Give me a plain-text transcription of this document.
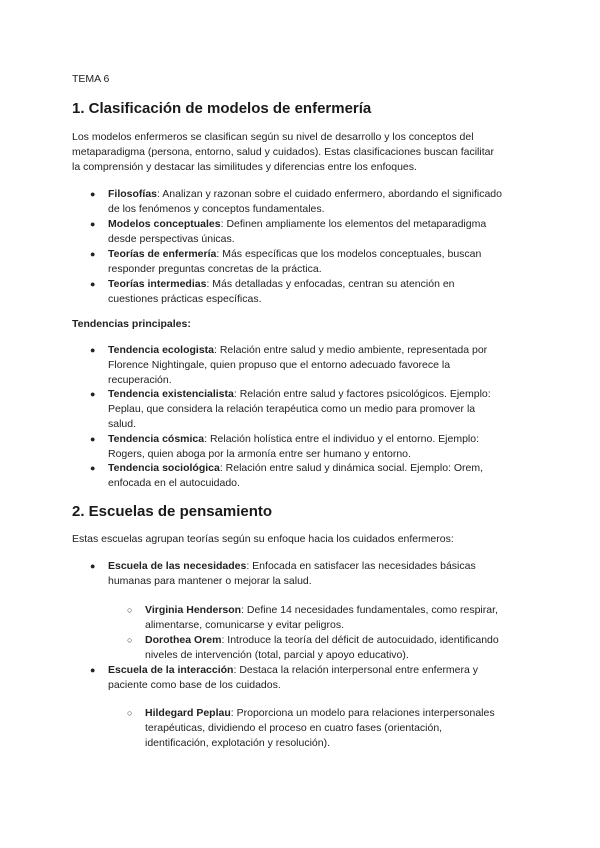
TEMA 6
1. Clasificación de modelos de enfermería
Los modelos enfermeros se clasifican según su nivel de desarrollo y los conceptos del
metaparadigma (persona, entorno, salud y cuidados). Estas clasificaciones buscan facilitar
la comprensión y destacar las similitudes y diferencias entre los enfoques.
● Filosofías: Analizan y razonan sobre el cuidado enfermero, abordando el significado
de los fenómenos y conceptos fundamentales.
● Modelos conceptuales: Definen ampliamente los elementos del metaparadigma
desde perspectivas únicas.
● Teorías de enfermería: Más específicas que los modelos conceptuales, buscan
responder preguntas concretas de la práctica.
● Teorías intermedias: Más detalladas y enfocadas, centran su atención en
cuestiones prácticas específicas.
Tendencias principales:
● Tendencia ecologista: Relación entre salud y medio ambiente, representada por
Florence Nightingale, quien propuso que el entorno adecuado favorece la
recuperación.
● Tendencia existencialista: Relación entre salud y factores psicológicos. Ejemplo:
Peplau, que considera la relación terapéutica como un medio para promover la
salud.
● Tendencia cósmica: Relación holística entre el individuo y el entorno. Ejemplo:
Rogers, quien aboga por la armonía entre ser humano y entorno.
● Tendencia sociológica: Relación entre salud y dinámica social. Ejemplo: Orem,
enfocada en el autocuidado.
2. Escuelas de pensamiento
Estas escuelas agrupan teorías según su enfoque hacia los cuidados enfermeros:
● Escuela de las necesidades: Enfocada en satisfacer las necesidades básicas
humanas para mantener o mejorar la salud.
○ Virginia Henderson: Define 14 necesidades fundamentales, como respirar,
alimentarse, comunicarse y evitar peligros.
○ Dorothea Orem: Introduce la teoría del déficit de autocuidado, identificando
niveles de intervención (total, parcial y apoyo educativo).
● Escuela de la interacción: Destaca la relación interpersonal entre enfermera y
paciente como base de los cuidados.
○ Hildegard Peplau: Proporciona un modelo para relaciones interpersonales
terapéuticas, dividiendo el proceso en cuatro fases (orientación,
identificación, explotación y resolución).
